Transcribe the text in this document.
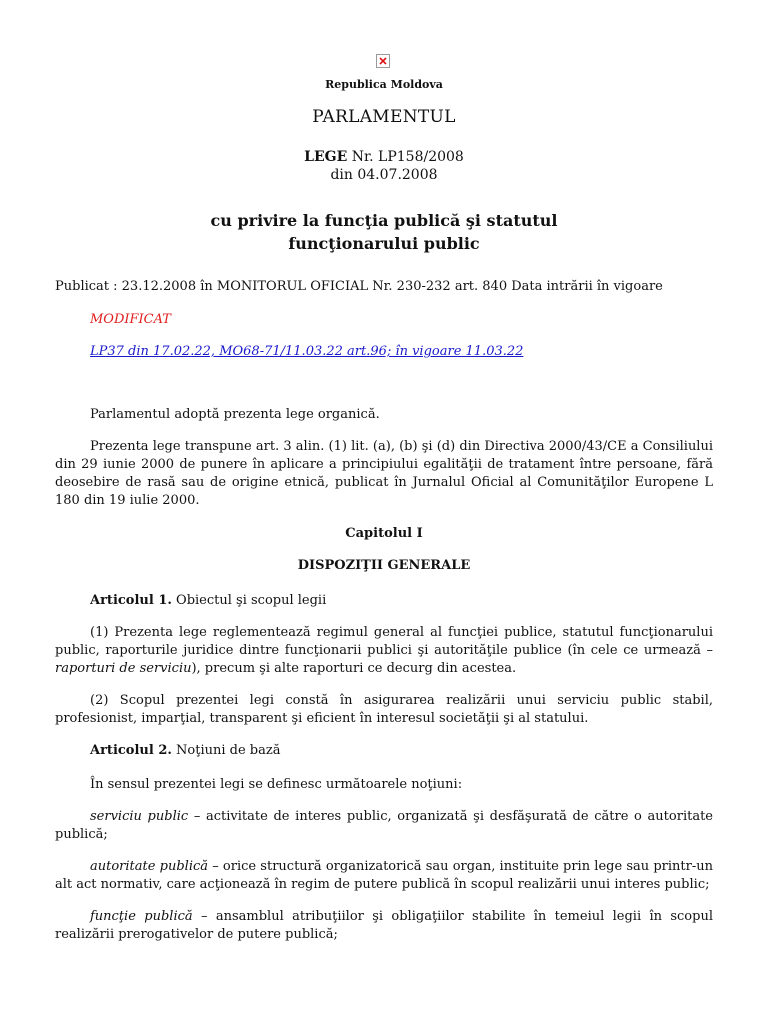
Republica Moldova
PARLAMENTUL
LEGE Nr. LP158/2008
din 04.07.2008
cu privire la funcţia publică şi statutul
funcţionarului public
Publicat : 23.12.2008 în MONITORUL OFICIAL Nr. 230-232 art. 840 Data intrării în vigoare
MODIFICAT
LP37 din 17.02.22, MO68-71/11.03.22 art.96; în vigoare 11.03.22
Parlamentul adoptă prezenta lege organică.
Prezenta lege transpune art. 3 alin. (1) lit. (a), (b) şi (d) din Directiva 2000/43/CE a Consiliului din 29 iunie 2000 de punere în aplicare a principiului egalităţii de tratament între persoane, fără deosebire de rasă sau de origine etnică, publicat în Jurnalul Oficial al Comunităţilor Europene L 180 din 19 iulie 2000.
Capitolul I
DISPOZIŢII GENERALE
Articolul 1. Obiectul şi scopul legii
(1) Prezenta lege reglementează regimul general al funcţiei publice, statutul funcţionarului public, raporturile juridice dintre funcţionarii publici şi autorităţile publice (în cele ce urmează – raporturi de serviciu), precum şi alte raporturi ce decurg din acestea.
(2) Scopul prezentei legi constă în asigurarea realizării unui serviciu public stabil, profesionist, imparţial, transparent şi eficient în interesul societăţii şi al statului.
Articolul 2. Noţiuni de bază
În sensul prezentei legi se definesc următoarele noţiuni:
serviciu public – activitate de interes public, organizată şi desfăşurată de către o autoritate publică;
autoritate publică – orice structură organizatorică sau organ, instituite prin lege sau printr-un alt act normativ, care acţionează în regim de putere publică în scopul realizării unui interes public;
funcţie publică – ansamblul atribuţiilor şi obligaţiilor stabilite în temeiul legii în scopul realizării prerogativelor de putere publică;
